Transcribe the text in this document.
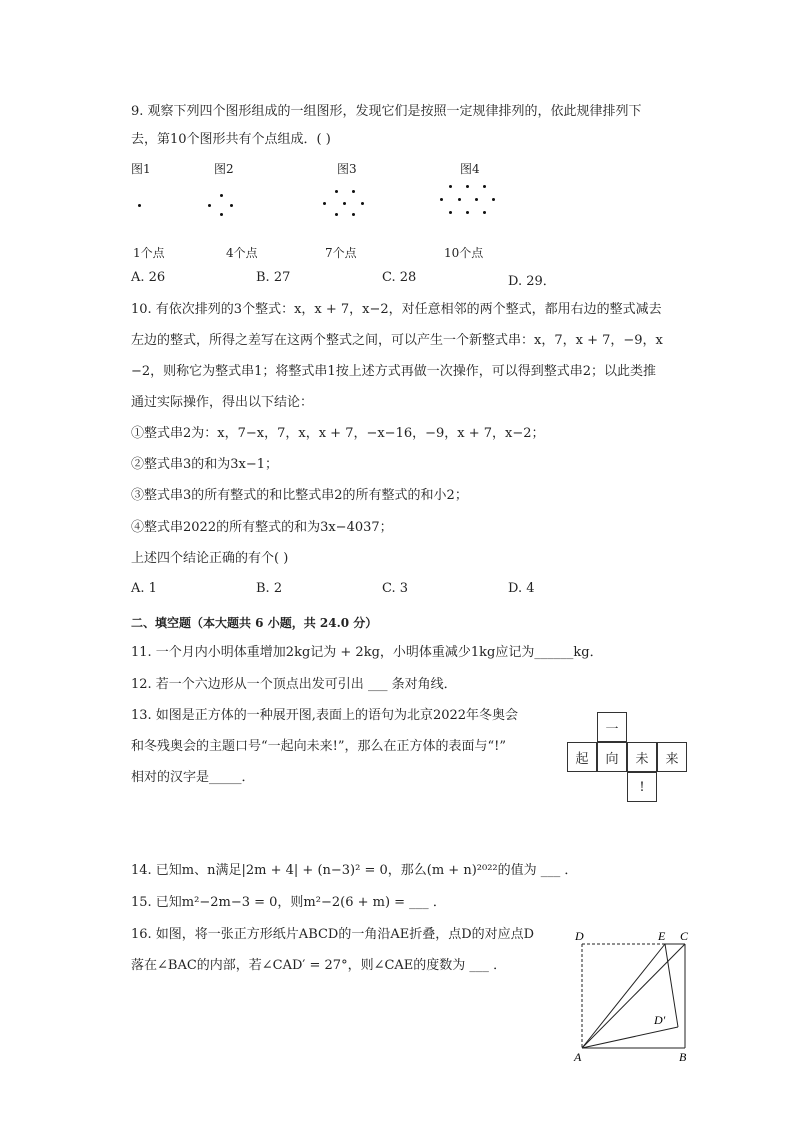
9. 观察下列四个图形组成的一组图形，发现它们是按照一定规律排列的，依此规律排列下
去，第10个图形共有个点组成．( )
图1	图2	图3	图4
1个点	4个点	7个点	10个点
A. 26	B. 27	C. 28	D. 29．
10. 有依次排列的3个整式：x，x + 7，x−2，对任意相邻的两个整式，都用右边的整式减去
左边的整式，所得之差写在这两个整式之间，可以产生一个新整式串：x，7，x + 7，−9，x
−2，则称它为整式串1；将整式串1按上述方式再做一次操作，可以得到整式串2；以此类推
通过实际操作，得出以下结论：
①整式串2为：x，7−x，7，x，x + 7，−x−16，−9，x + 7，x−2；
②整式串3的和为3x−1；
③整式串3的所有整式的和比整式串2的所有整式的和小2；
④整式串2022的所有整式的和为3x−4037；
上述四个结论正确的有个( )
A. 1	B. 2	C. 3	D. 4
二、填空题（本大题共 6 小题，共 24.0 分）
11. 一个月内小明体重增加2kg记为 + 2kg，小明体重减少1kg应记为______kg．
12. 若一个六边形从一个顶点出发可引出 ___ 条对角线．
13. 如图是正方体的一种展开图,表面上的语句为北京2022年冬奥会
和冬残奥会的主题口号“一起向未来!”，那么在正方体的表面与“!”
相对的汉字是_____．
一
起	向	未	来
!
14. 已知m、n满足|2m + 4| + (n−3)² = 0，那么(m + n)²⁰²²的值为 ___ ．
15. 已知m²−2m−3 = 0，则m²−2(6 + m) = ___ ．
16. 如图，将一张正方形纸片ABCD的一角沿AE折叠，点D的对应点D
落在∠BAC的内部，若∠CAD′ = 27°，则∠CAE的度数为 ___ ．
D	E C
D′
A	B
